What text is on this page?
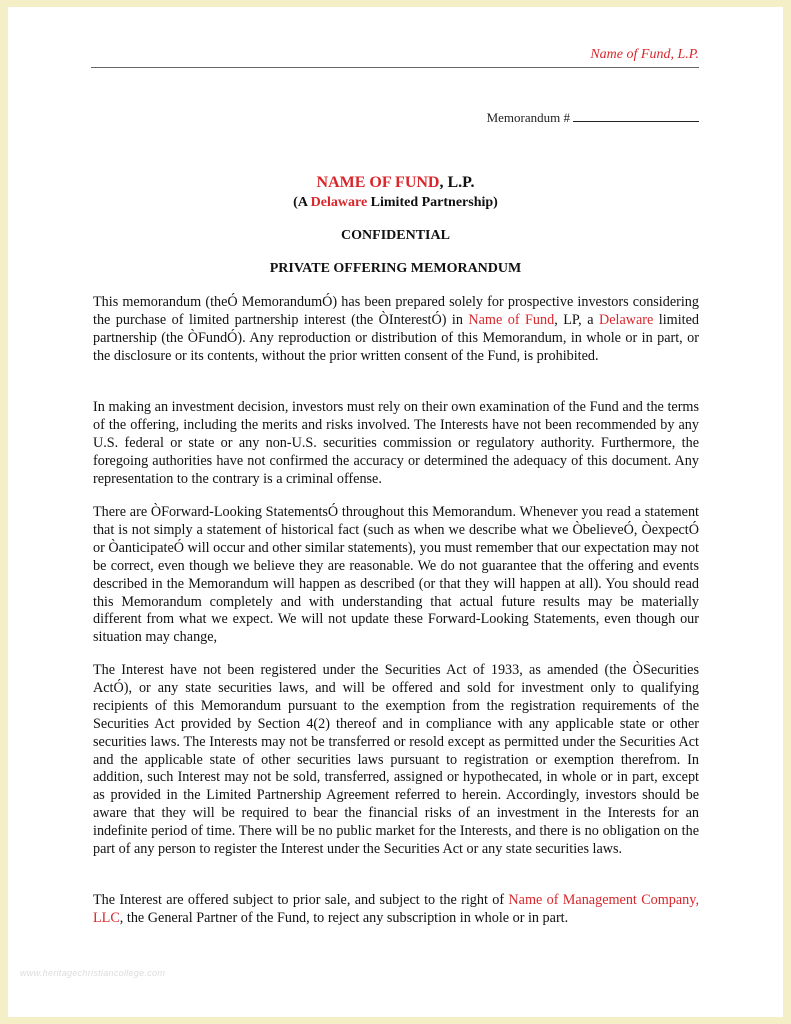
Name of Fund, L.P.
Memorandum #
NAME OF FUND, L.P.
(A Delaware Limited Partnership)
CONFIDENTIAL
PRIVATE OFFERING MEMORANDUM
This memorandum (theÓ MemorandumÓ) has been prepared solely for prospective investors considering the purchase of limited partnership interest (the ÒInterestÓ) in Name of Fund, LP, a Delaware limited partnership (the ÒFundÓ). Any reproduction or distribution of this Memorandum, in whole or in part, or the disclosure or its contents, without the prior written consent of the Fund, is prohibited.
In making an investment decision, investors must rely on their own examination of the Fund and the terms of the offering, including the merits and risks involved. The Interests have not been recommended by any U.S. federal or state or any non-U.S. securities commission or regulatory authority. Furthermore, the foregoing authorities have not confirmed the accuracy or determined the adequacy of this document. Any representation to the contrary is a criminal offense.
There are ÒForward-Looking StatementsÓ throughout this Memorandum. Whenever you read a statement that is not simply a statement of historical fact (such as when we describe what we ÒbelieveÓ, ÒexpectÓ or ÒanticipateÓ will occur and other similar statements), you must remember that our expectation may not be correct, even though we believe they are reasonable. We do not guarantee that the offering and events described in the Memorandum will happen as described (or that they will happen at all). You should read this Memorandum completely and with understanding that actual future results may be materially different from what we expect. We will not update these Forward-Looking Statements, even though our situation may change,
The Interest have not been registered under the Securities Act of 1933, as amended (the ÒSecurities ActÓ), or any state securities laws, and will be offered and sold for investment only to qualifying recipients of this Memorandum pursuant to the exemption from the registration requirements of the Securities Act provided by Section 4(2) thereof and in compliance with any applicable state or other securities laws. The Interests may not be transferred or resold except as permitted under the Securities Act and the applicable state of other securities laws pursuant to registration or exemption therefrom. In addition, such Interest may not be sold, transferred, assigned or hypothecated, in whole or in part, except as provided in the Limited Partnership Agreement referred to herein. Accordingly, investors should be aware that they will be required to bear the financial risks of an investment in the Interests for an indefinite period of time. There will be no public market for the Interests, and there is no obligation on the part of any person to register the Interest under the Securities Act or any state securities laws.
The Interest are offered subject to prior sale, and subject to the right of Name of Management Company, LLC, the General Partner of the Fund, to reject any subscription in whole or in part.
www.heritagechristiancollege.com
